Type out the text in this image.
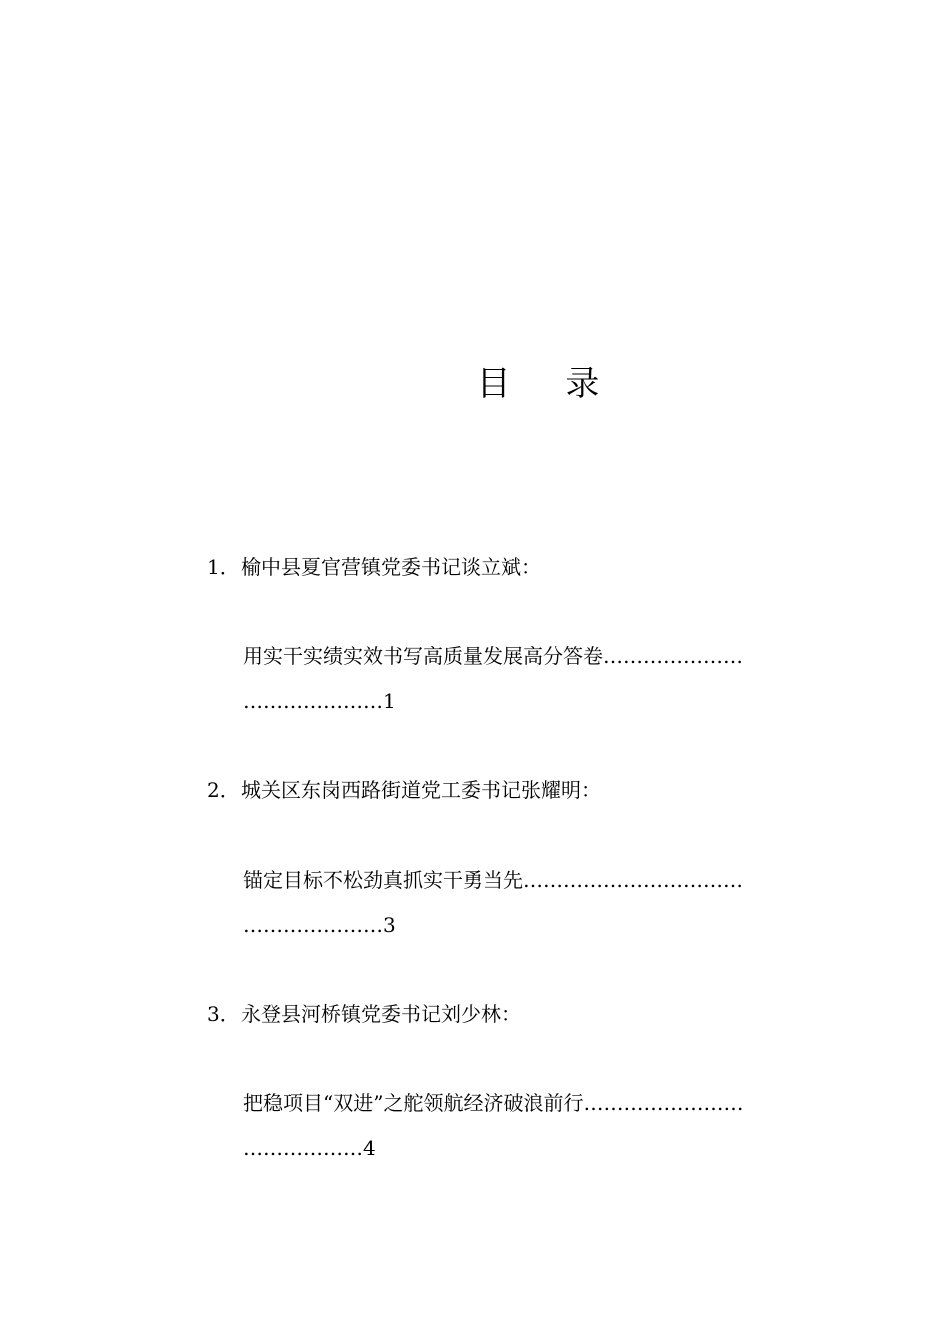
目 录
1．榆中县夏官营镇党委书记谈立斌：
用实干实绩实效书写高质量发展高分答卷…………………
…………………1
2．城关区东岗西路街道党工委书记张耀明：
锚定目标不松劲真抓实干勇当先……………………………
…………………3
3．永登县河桥镇党委书记刘少林：
把稳项目“双进”之舵领航经济破浪前行……………………
………………4
